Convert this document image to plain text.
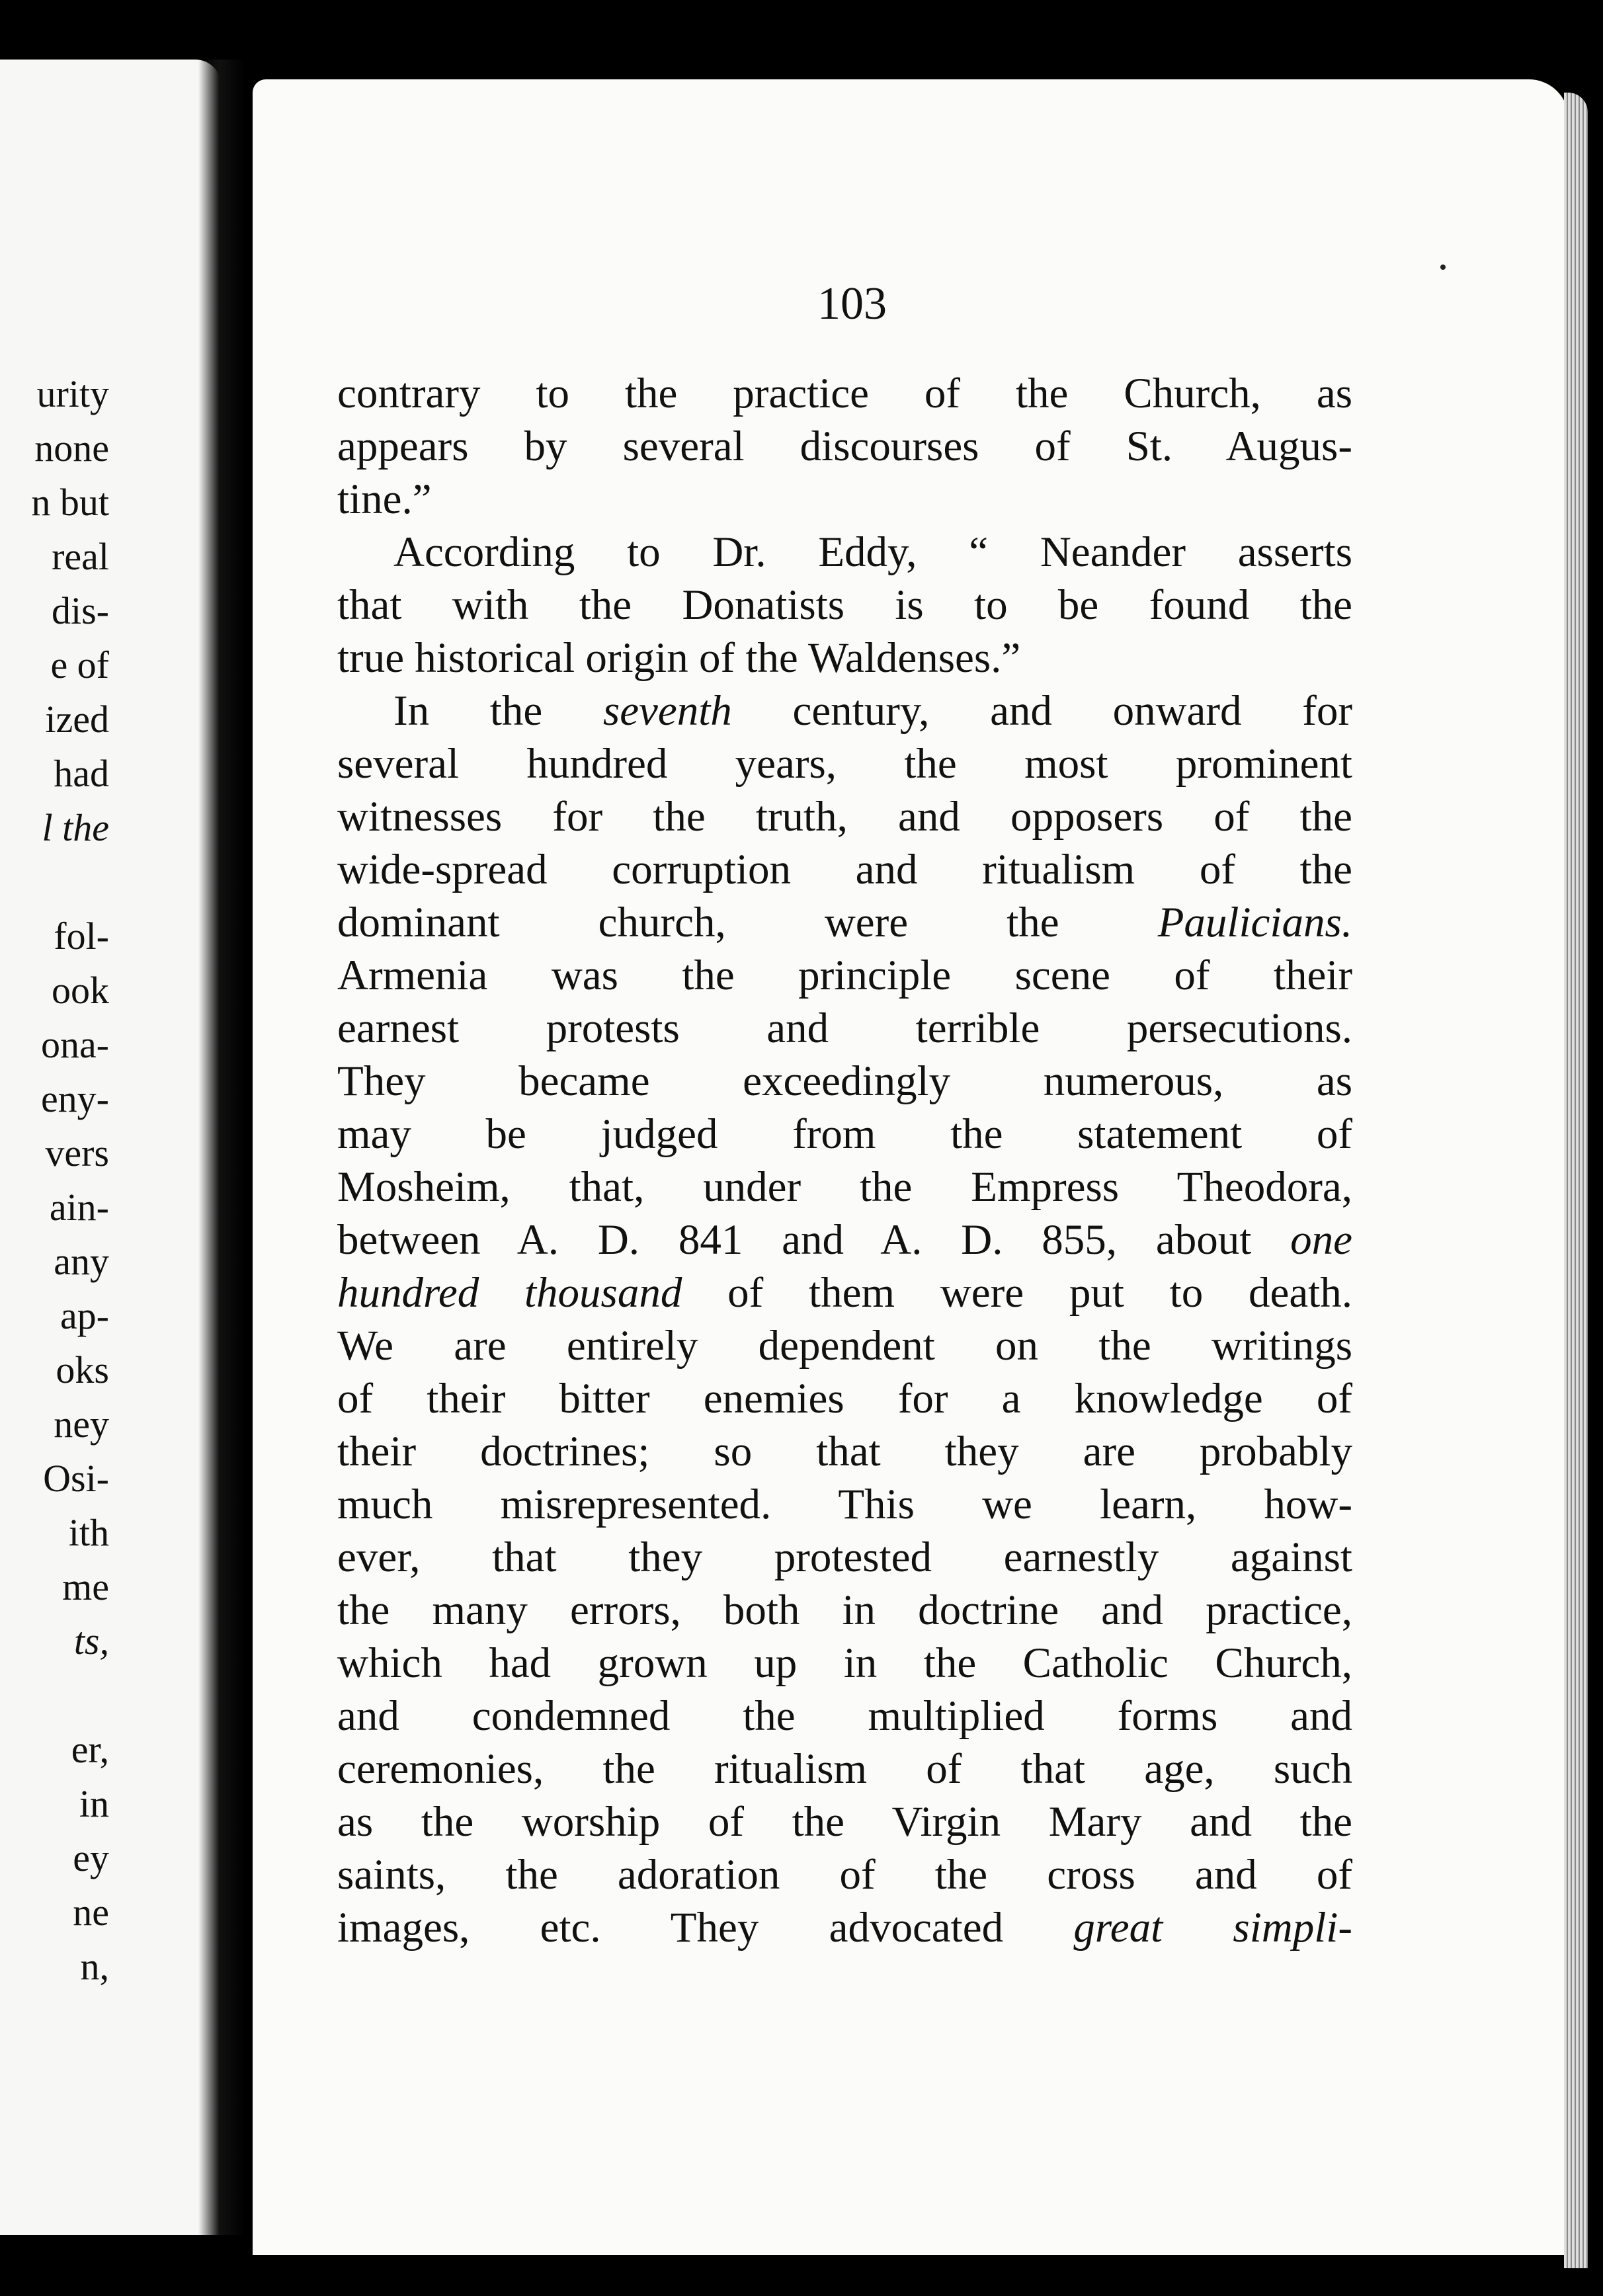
urity
none
n but
real
dis-
e of
ized
had
l the
fol-
ook
ona-
eny-
vers
ain-
any
ap-
oks
ney
Osi-
ith
me
ts,
er,
in
ey
ne
n,
103
contrary to the practice of the Church, as
appears by several discourses of St. Augus-
tine.”
According to Dr. Eddy, “ Neander asserts
that with the Donatists is to be found the
true historical origin of the Waldenses.”
In the seventh century, and onward for
several hundred years, the most prominent
witnesses for the truth, and opposers of the
wide-spread corruption and ritualism of the
dominant church, were the Paulicians.
Armenia was the principle scene of their
earnest protests and terrible persecutions.
They became exceedingly numerous, as
may be judged from the statement of
Mosheim, that, under the Empress Theodora,
between A. D. 841 and A. D. 855, about one
hundred thousand of them were put to death.
We are entirely dependent on the writings
of their bitter enemies for a knowledge of
their doctrines; so that they are probably
much misrepresented. This we learn, how-
ever, that they protested earnestly against
the many errors, both in doctrine and practice,
which had grown up in the Catholic Church,
and condemned the multiplied forms and
ceremonies, the ritualism of that age, such
as the worship of the Virgin Mary and the
saints, the adoration of the cross and of
images, etc. They advocated great simpli-
